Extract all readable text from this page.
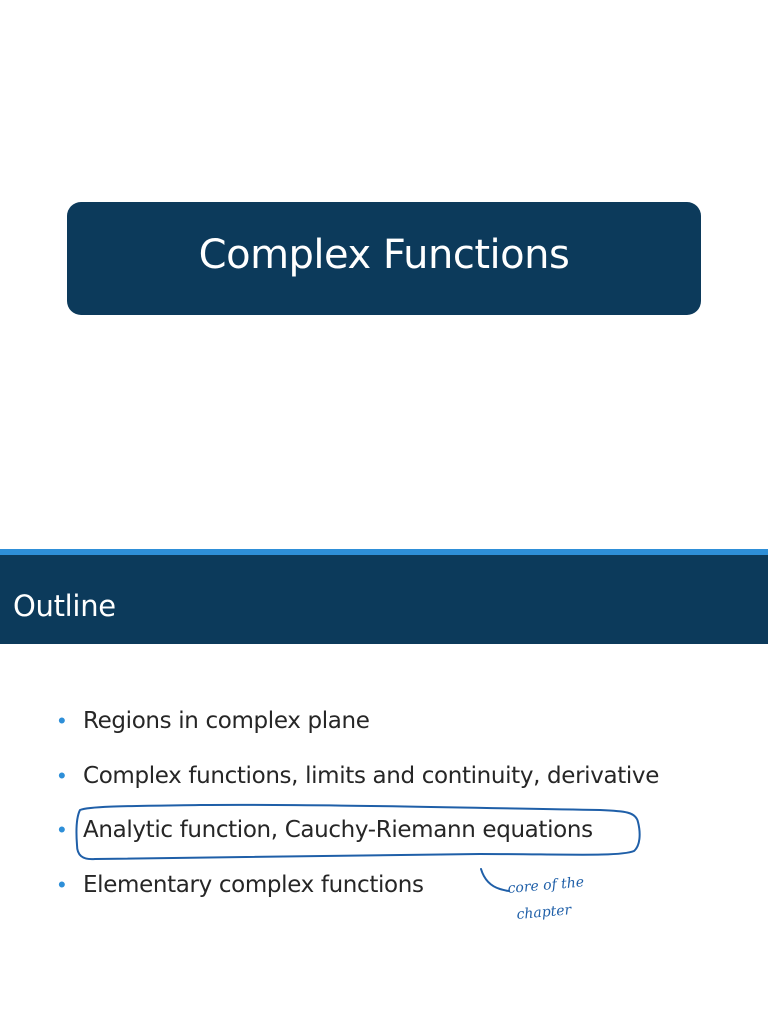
Complex Functions
Outline
• Regions in complex plane
• Complex functions, limits and continuity, derivative
• Analytic function, Cauchy-Riemann equations
• Elementary complex functions	core of the
chapter
